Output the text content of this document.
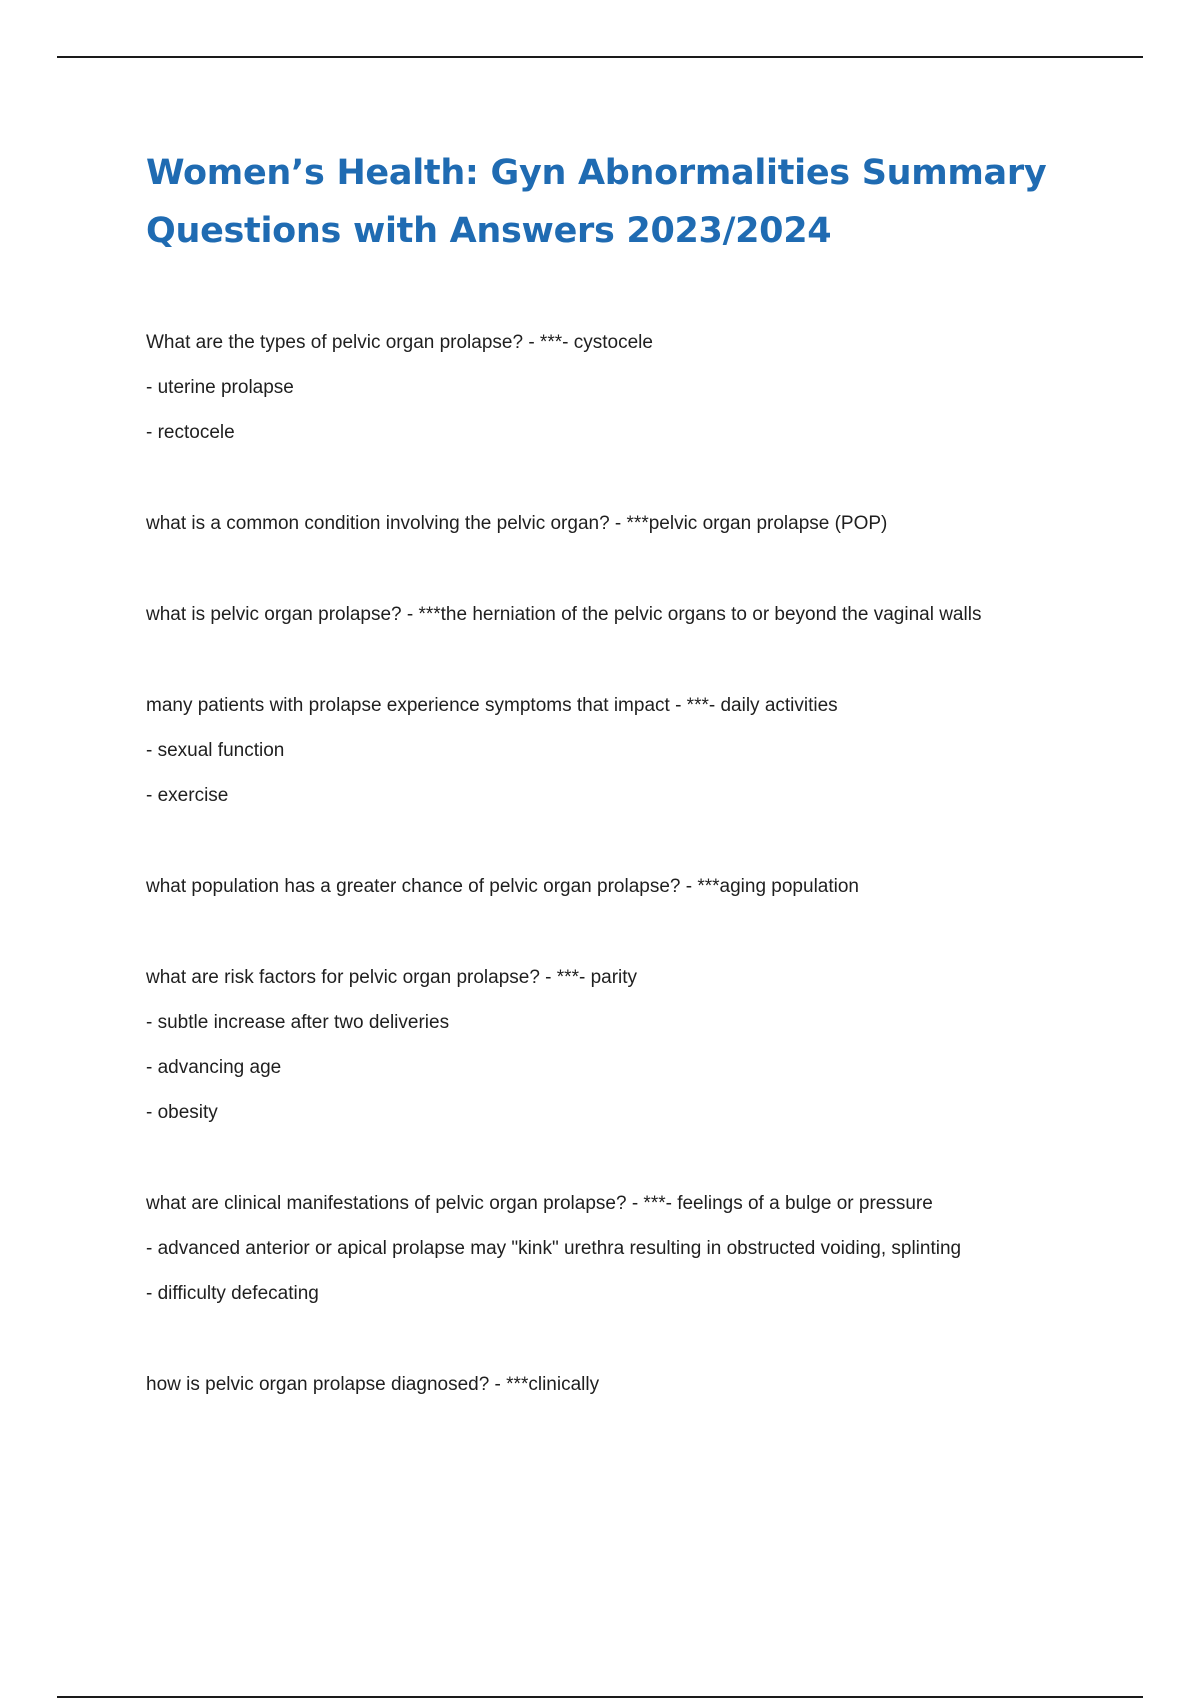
Women’s Health: Gyn Abnormalities Summary
Questions with Answers 2023/2024
What are the types of pelvic organ prolapse? - ***- cystocele
- uterine prolapse
- rectocele
what is a common condition involving the pelvic organ? - ***pelvic organ prolapse (POP)
what is pelvic organ prolapse? - ***the herniation of the pelvic organs to or beyond the vaginal walls
many patients with prolapse experience symptoms that impact - ***- daily activities
- sexual function
- exercise
what population has a greater chance of pelvic organ prolapse? - ***aging population
what are risk factors for pelvic organ prolapse? - ***- parity
- subtle increase after two deliveries
- advancing age
- obesity
what are clinical manifestations of pelvic organ prolapse? - ***- feelings of a bulge or pressure
- advanced anterior or apical prolapse may "kink" urethra resulting in obstructed voiding, splinting
- difficulty defecating
how is pelvic organ prolapse diagnosed? - ***clinically
